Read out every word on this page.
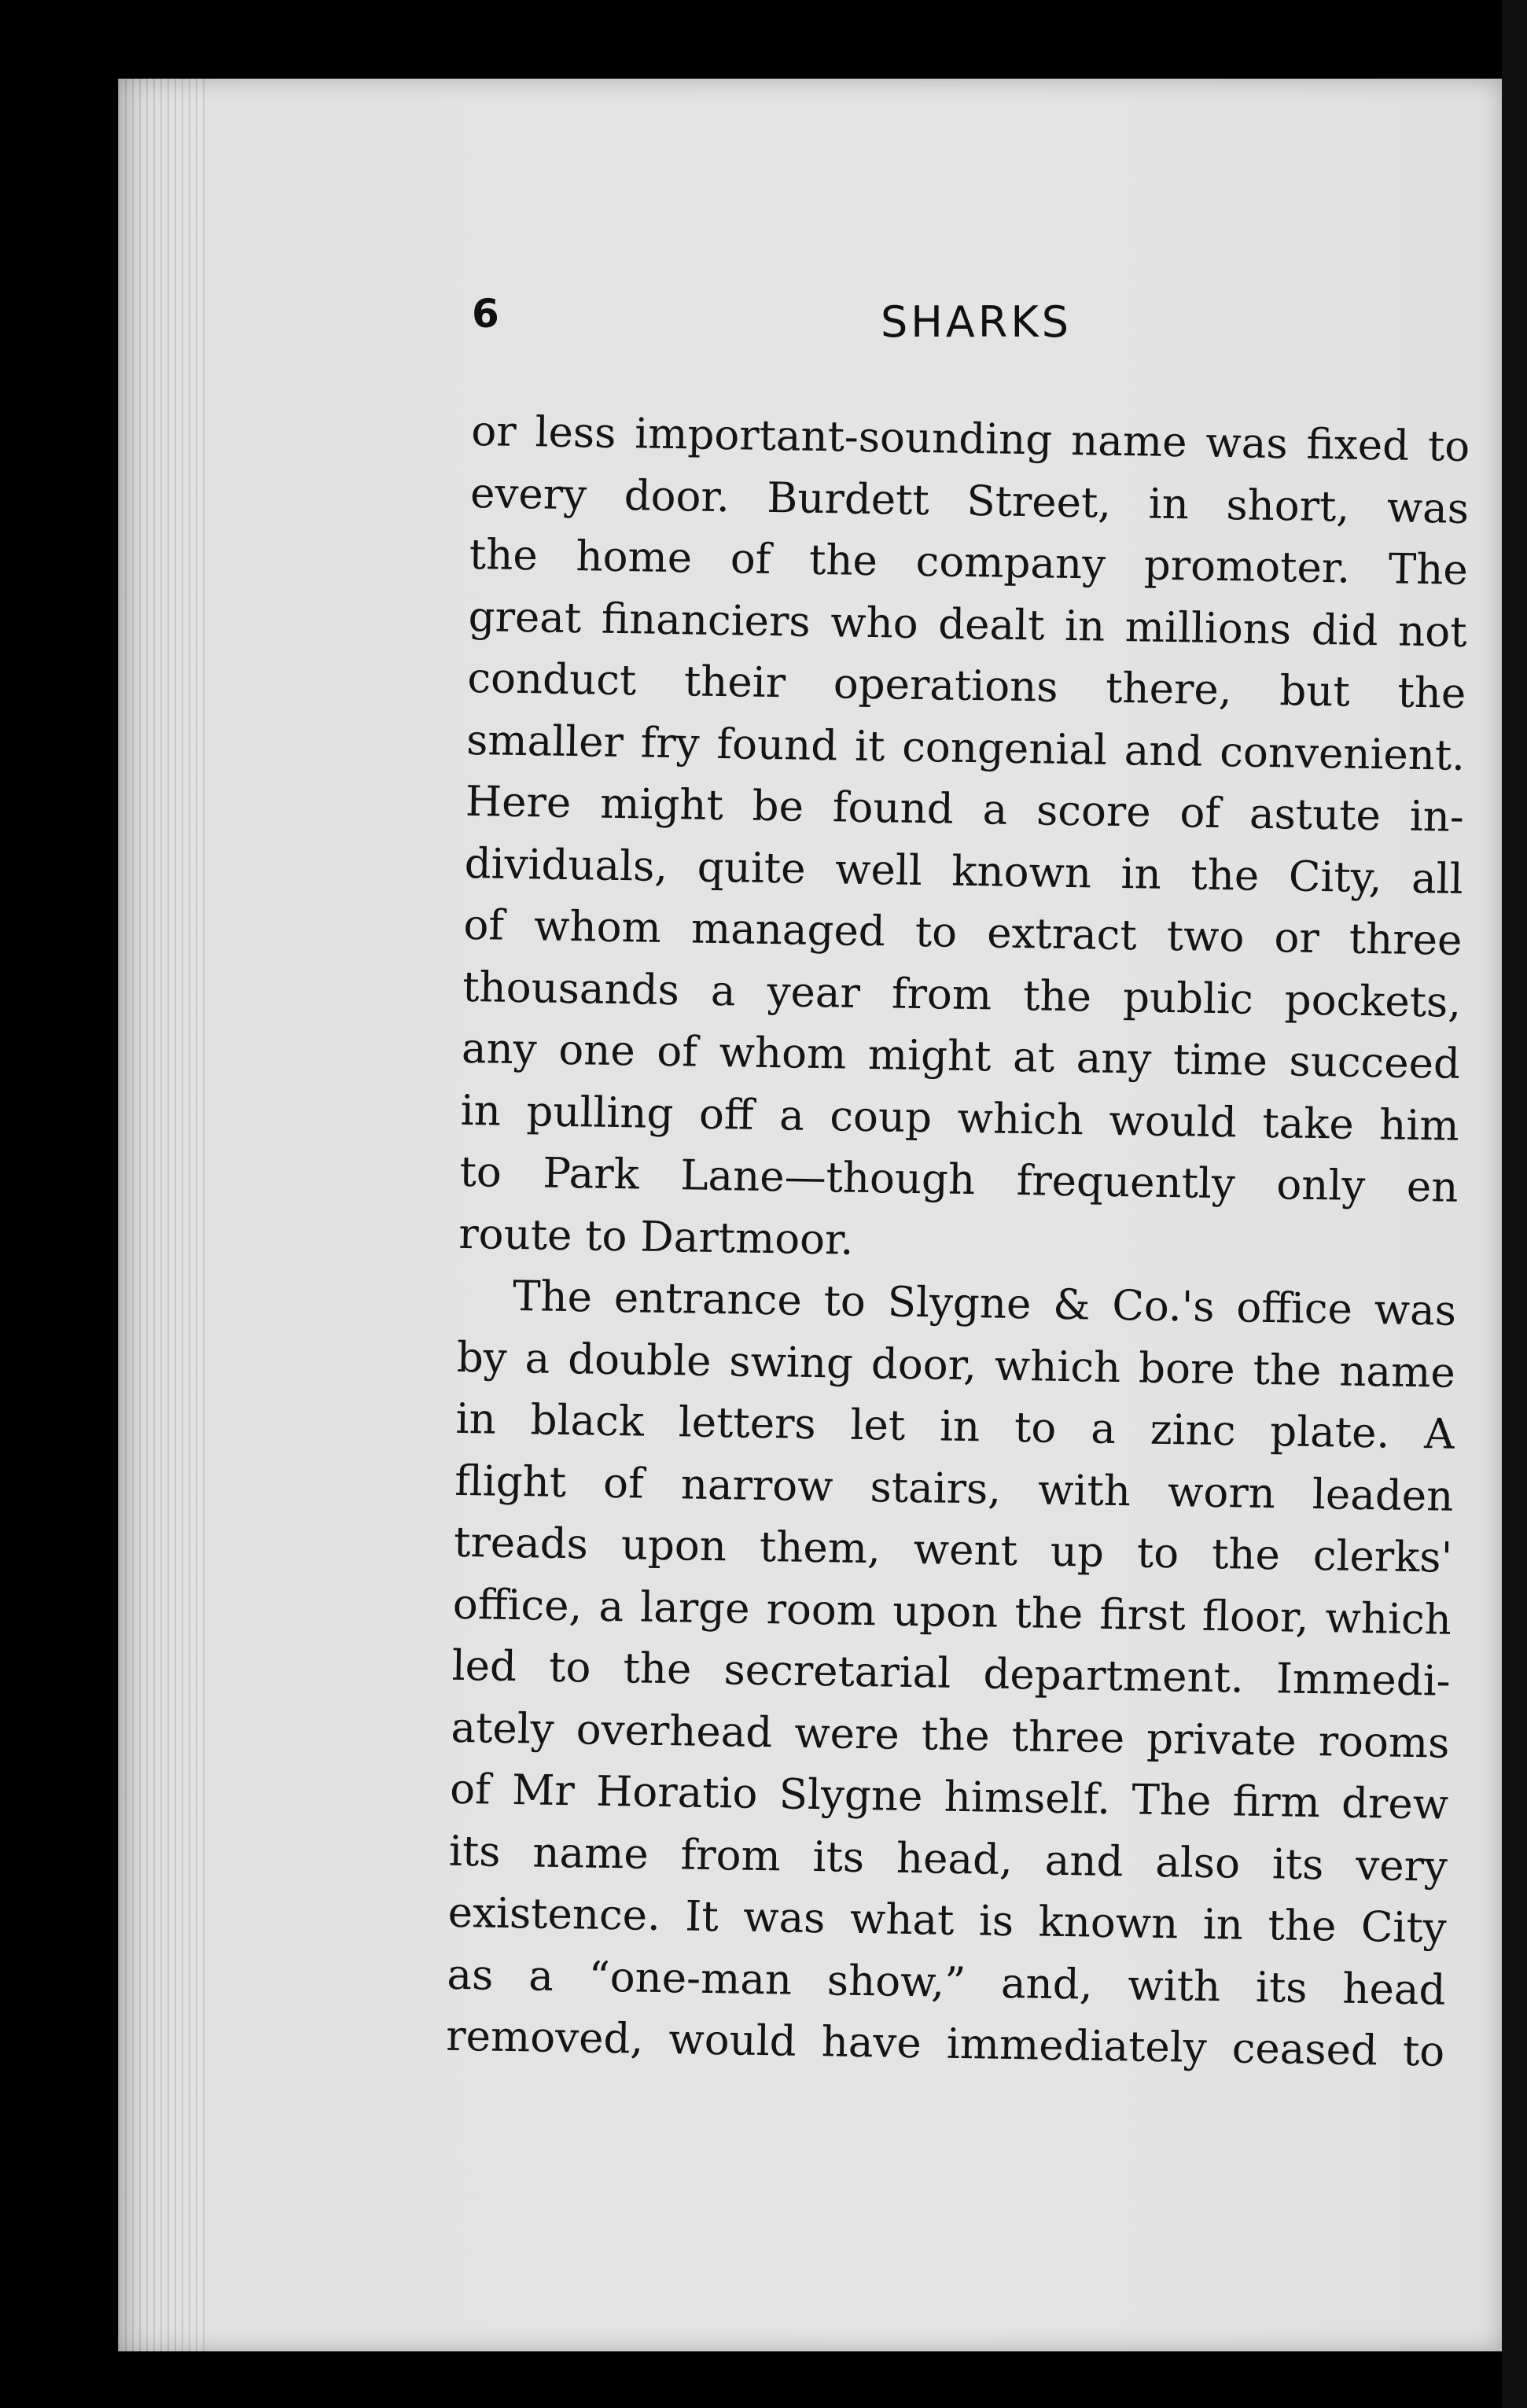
6	SHARKS
or less important-sounding name was fixed to
every door. Burdett Street, in short, was
the home of the company promoter. The
great financiers who dealt in millions did not
conduct their operations there, but the
smaller fry found it congenial and convenient.
Here might be found a score of astute in-
dividuals, quite well known in the City, all
of whom managed to extract two or three
thousands a year from the public pockets,
any one of whom might at any time succeed
in pulling off a coup which would take him
to Park Lane—though frequently only en
route to Dartmoor.
The entrance to Slygne & Co.'s office was
by a double swing door, which bore the name
in black letters let in to a zinc plate. A
flight of narrow stairs, with worn leaden
treads upon them, went up to the clerks'
office, a large room upon the first floor, which
led to the secretarial department. Immedi-
ately overhead were the three private rooms
of Mr Horatio Slygne himself. The firm drew
its name from its head, and also its very
existence. It was what is known in the City
as a “one-man show,” and, with its head
removed, would have immediately ceased to
